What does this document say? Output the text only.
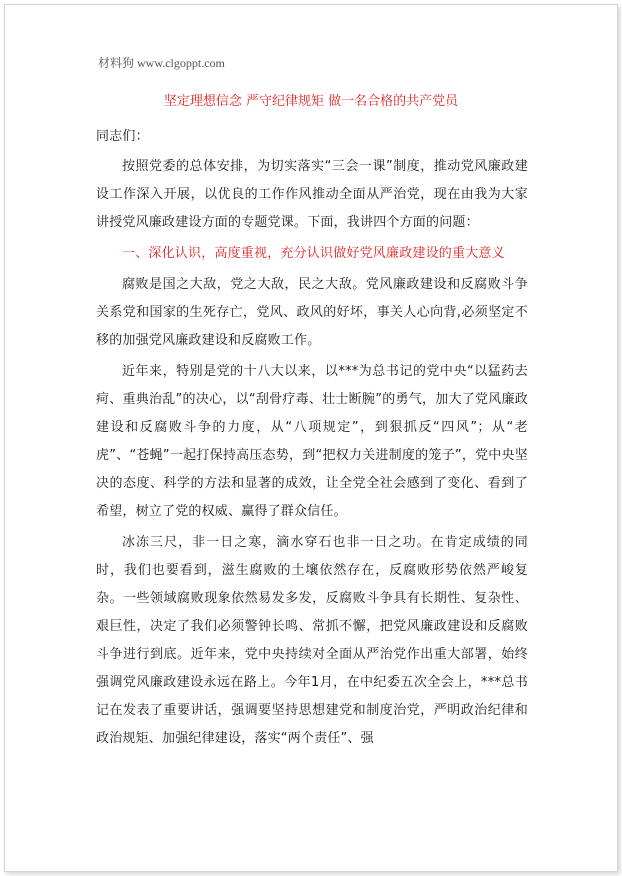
材料狗 www.clgoppt.com
坚定理想信念 严守纪律规矩 做一名合格的共产党员

同志们：

按照党委的总体安排，为切实落实“三会一课”制度，推动党风廉政建设工作深入开展，以优良的工作作风推动全面从严治党，现在由我为大家讲授党风廉政建设方面的专题党课。下面，我讲四个方面的问题：

一、深化认识，高度重视，充分认识做好党风廉政建设的重大意义

腐败是国之大敌，党之大敌，民之大敌。党风廉政建设和反腐败斗争关系党和国家的生死存亡，党风、政风的好坏，事关人心向背,必须坚定不移的加强党风廉政建设和反腐败工作。

近年来，特别是党的十八大以来，以***为总书记的党中央“以猛药去疴、重典治乱”的决心，以“刮骨疗毒、壮士断腕”的勇气，加大了党风廉政建设和反腐败斗争的力度，从“八项规定”，到狠抓反“四风”；从“老虎”、“苍蝇”一起打保持高压态势，到“把权力关进制度的笼子”，党中央坚决的态度、科学的方法和显著的成效，让全党全社会感到了变化、看到了希望，树立了党的权威、赢得了群众信任。

冰冻三尺，非一日之寒，滴水穿石也非一日之功。在肯定成绩的同时，我们也要看到，滋生腐败的土壤依然存在，反腐败形势依然严峻复杂。一些领域腐败现象依然易发多发，反腐败斗争具有长期性、复杂性、艰巨性，决定了我们必须警钟长鸣、常抓不懈，把党风廉政建设和反腐败斗争进行到底。近年来，党中央持续对全面从严治党作出重大部署，始终强调党风廉政建设永远在路上。今年1月，在中纪委五次全会上，***总书记在发表了重要讲话，强调要坚持思想建党和制度治党，严明政治纪律和政治规矩、加强纪律建设，落实“两个责任”、强
